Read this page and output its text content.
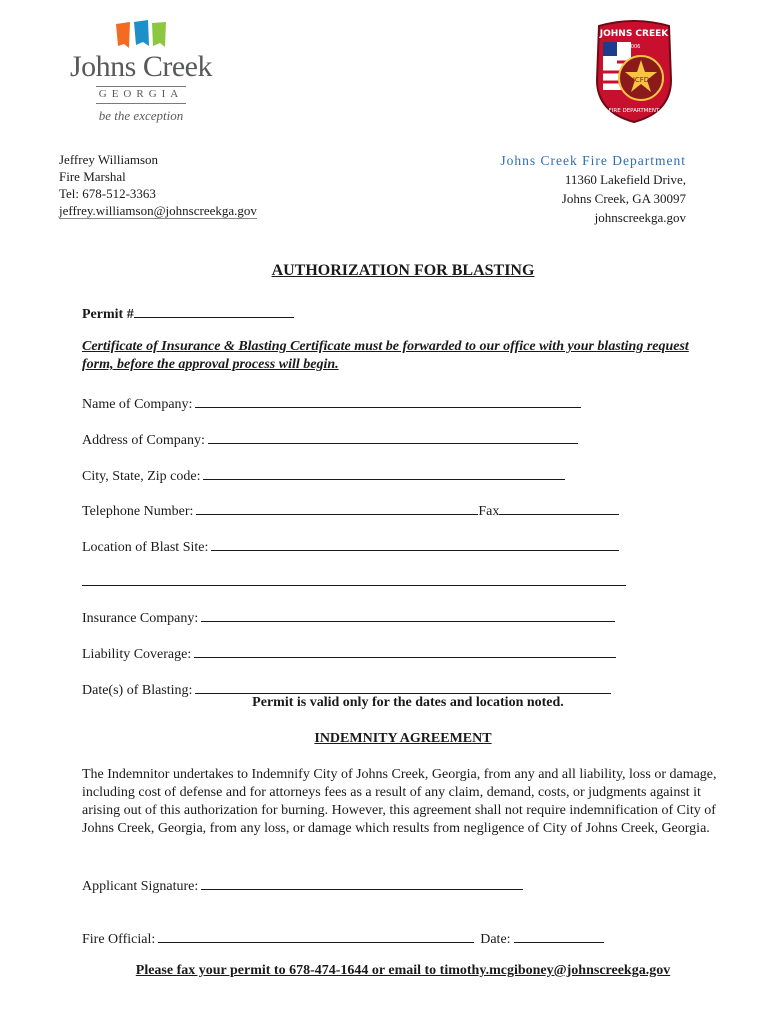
Johns Creek
GEORGIA
be the exception
JCFD
JOHNS CREEK
2006
FIRE DEPARTMENT
Jeffrey Williamson
Fire Marshal
Tel: 678-512-3363
jeffrey.williamson@johnscreekga.gov
Johns Creek Fire Department
11360 Lakefield Drive,
Johns Creek, GA 30097
johnscreekga.gov
AUTHORIZATION FOR BLASTING
Permit #
Certificate of Insurance & Blasting Certificate must be forwarded to our office with your blasting request form, before the approval process will begin.
Name of Company:
Address of Company:
City, State, Zip code:
Telephone Number:	Fax
Location of Blast Site:
Insurance Company:
Liability Coverage:
Date(s) of Blasting:
Permit is valid only for the dates and location noted.
INDEMNITY AGREEMENT
The Indemnitor undertakes to Indemnify City of Johns Creek, Georgia, from any and all liability, loss or damage, including cost of defense and for attorneys fees as a result of any claim, demand, costs, or judgments against it arising out of this authorization for burning. However, this agreement shall not require indemnification of City of Johns Creek, Georgia, from any loss, or damage which results from negligence of City of Johns Creek, Georgia.
Applicant Signature:
Fire Official:	Date:
Please fax your permit to 678-474-1644 or email to timothy.mcgiboney@johnscreekga.gov
